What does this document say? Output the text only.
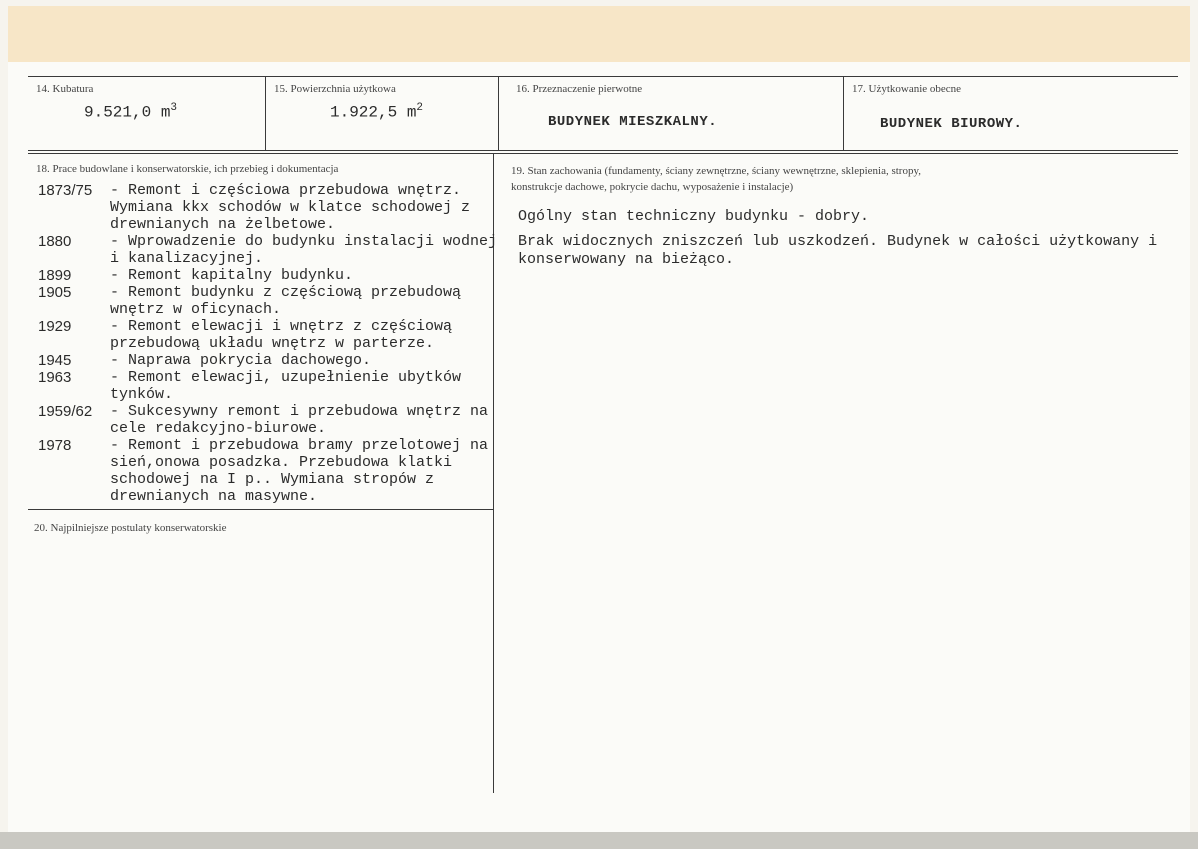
14. Kubatura
9.521,0 $m^3$
15. Powierzchnia użytkowa
1.922,5 $m^2$
16. Przeznaczenie pierwotne
BUDYNEK MIESZKALNY.
17. Użytkowanie obecne
BUDYNEK BIUROWY.
18. Prace budowlane i konserwatorskie, ich przebieg i dokumentacja
1873/75	- Remont i częściowa przebudowa wnętrz. Wymiana kkx schodów w klatce schodowej z drewnianych na żelbetowe.
1880	- Wprowadzenie do budynku instalacji wodnej i kanalizacyjnej.
1899	- Remont kapitalny budynku.
1905	- Remont budynku z częściową przebudową wnętrz w oficynach.
1929	- Remont elewacji i wnętrz z częściową przebudową układu wnętrz w parterze.
1945	- Naprawa pokrycia dachowego.
1963	- Remont elewacji, uzupełnienie ubytków tynków.
1959/62	- Sukcesywny remont i przebudowa wnętrz na cele redakcyjno-biurowe.
1978	- Remont i przebudowa bramy przelotowej na sień,onowa posadzka. Przebudowa klatki schodowej na I p.. Wymiana stropów z drewnianych na masywne.
19. Stan zachowania (fundamenty, ściany zewnętrzne, ściany wewnętrzne, sklepienia, stropy,
konstrukcje dachowe, pokrycie dachu, wyposażenie i instalacje)

Ogólny stan techniczny budynku - dobry.

Brak widocznych zniszczeń lub uszkodzeń. Budynek w całości użytkowany i konserwowany na bieżąco.

20. Najpilniejsze postulaty konserwatorskie
